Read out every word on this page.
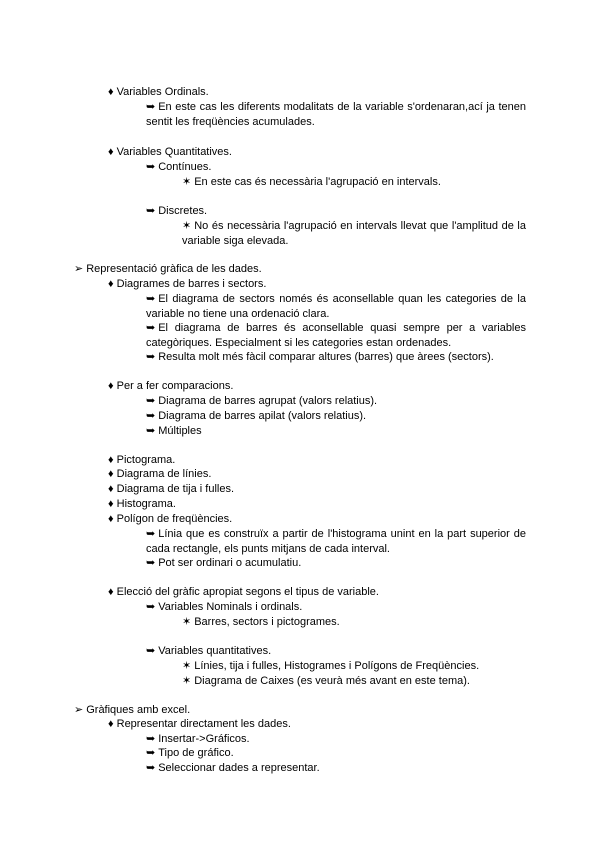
♦ Variables Ordinals.
➥ En este cas les diferents modalitats de la variable s'ordenaran,ací ja tenen sentit les freqüències acumulades.
♦ Variables Quantitatives.
➥ Contínues.
✶ En este cas és necessària l'agrupació en intervals.
➥ Discretes.
✶ No és necessària l'agrupació en intervals llevat que l'amplitud de la variable siga elevada.
➢ Representació gràfica de les dades.
♦ Diagrames de barres i sectors.
➥ El diagrama de sectors només és aconsellable quan les categories de la variable no tiene una ordenació clara.
➥ El diagrama de barres és aconsellable quasi sempre per a variables categòriques. Especialment si les categories estan ordenades.
➥ Resulta molt més fàcil comparar altures (barres) que àrees (sectors).
♦ Per a fer comparacions.
➥ Diagrama de barres agrupat (valors relatius).
➥ Diagrama de barres apilat (valors relatius).
➥ Múltiples
♦ Pictograma.
♦ Diagrama de línies.
♦ Diagrama de tija i fulles.
♦ Histograma.
♦ Polígon de freqüències.
➥ Línia que es construïx a partir de l'histograma unint en la part superior de cada rectangle, els punts mitjans de cada interval.
➥ Pot ser ordinari o acumulatiu.
♦ Elecció del gràfic apropiat segons el tipus de variable.
➥ Variables Nominals i ordinals.
✶ Barres, sectors i pictogrames.
➥ Variables quantitatives.
✶ Línies, tija i fulles, Histogrames i Polígons de Freqüències.
✶ Diagrama de Caixes (es veurà més avant en este tema).
➢ Gràfiques amb excel.
♦ Representar directament les dades.
➥ Insertar->Gráficos.
➥ Tipo de gráfico.
➥ Seleccionar dades a representar.
